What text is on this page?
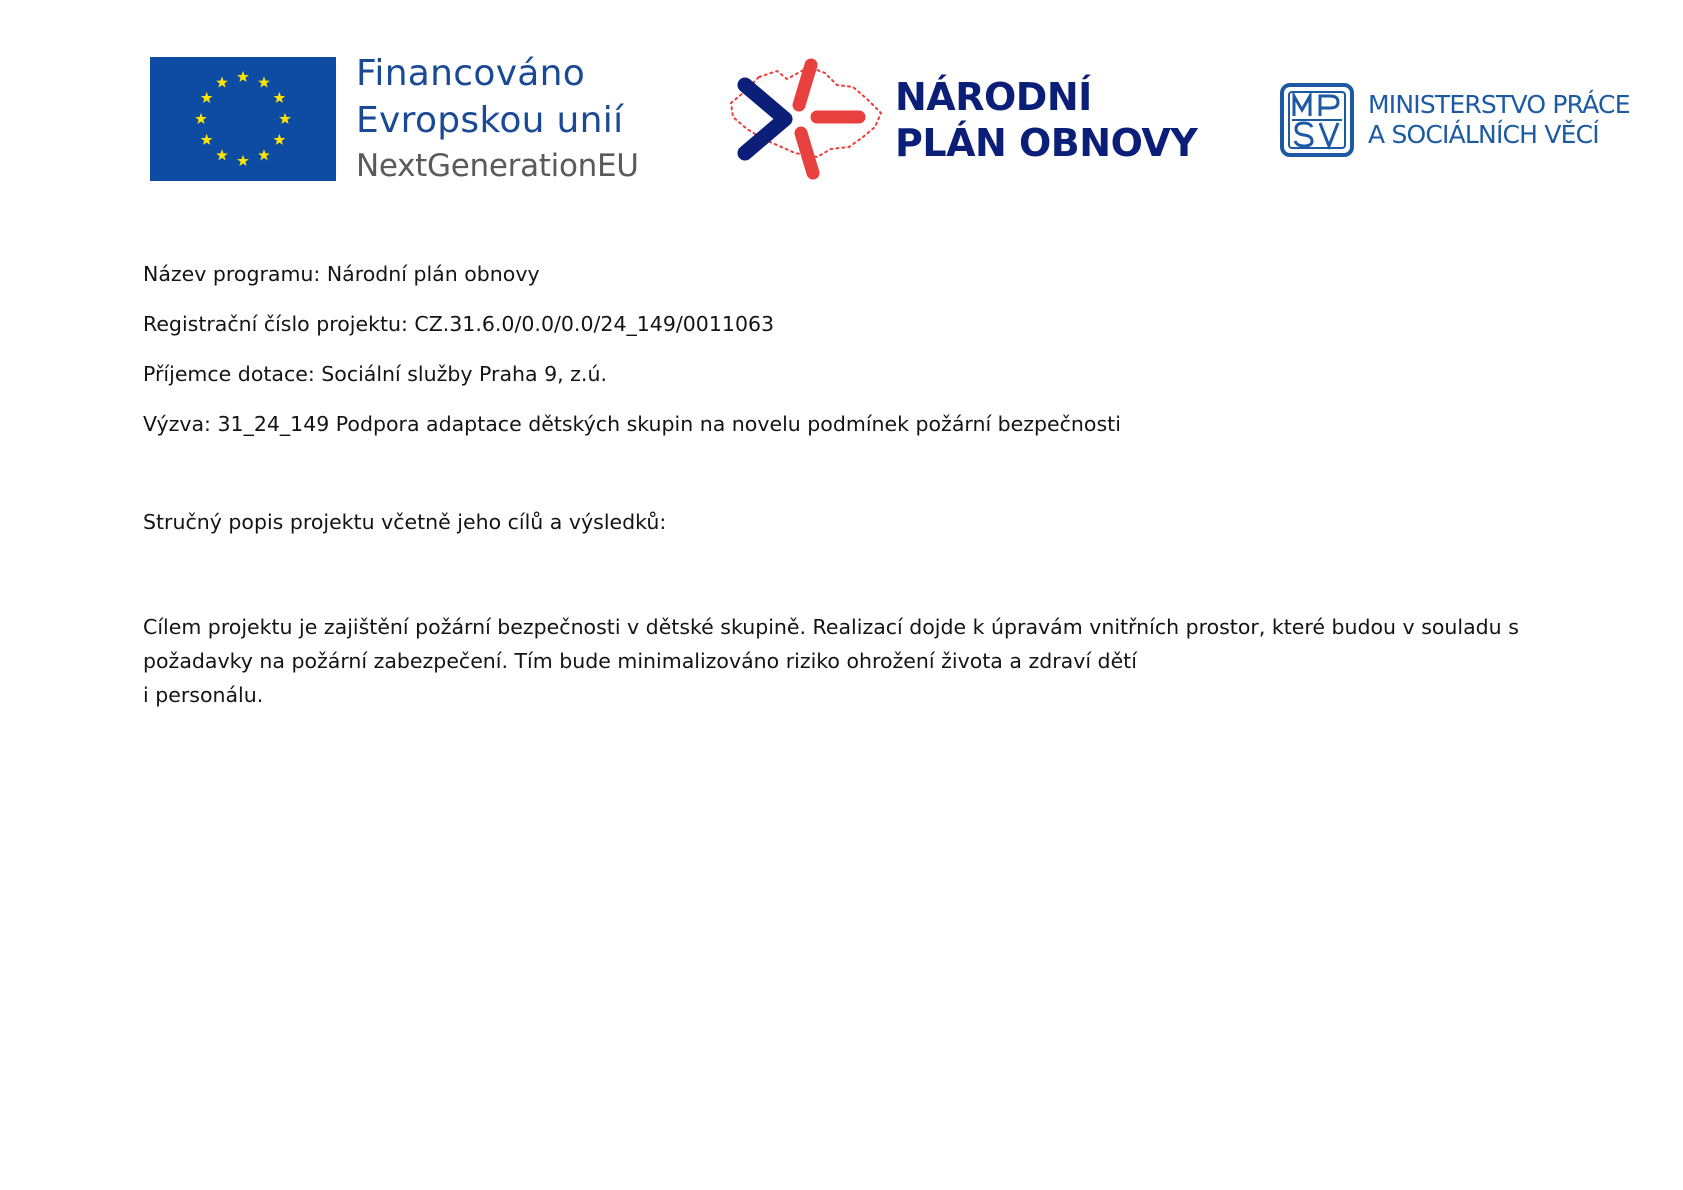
Financováno
Evropskou unií
NextGenerationEU
NÁRODNÍ
PLÁN OBNOVY
MINISTERSTVO PRÁCE
A SOCIÁLNÍCH VĚCÍ

Název programu: Národní plán obnovy

Registrační číslo projektu: CZ.31.6.0/0.0/0.0/24_149/0011063

Příjemce dotace: Sociální služby Praha 9, z.ú.

Výzva: 31_24_149 Podpora adaptace dětských skupin na novelu podmínek požární bezpečnosti

Stručný popis projektu včetně jeho cílů a výsledků:

Cílem projektu je zajištění požární bezpečnosti v dětské skupině. Realizací dojde k úpravám vnitřních prostor, které budou v souladu s
požadavky na požární zabezpečení. Tím bude minimalizováno riziko ohrožení života a zdraví dětí
i personálu.
